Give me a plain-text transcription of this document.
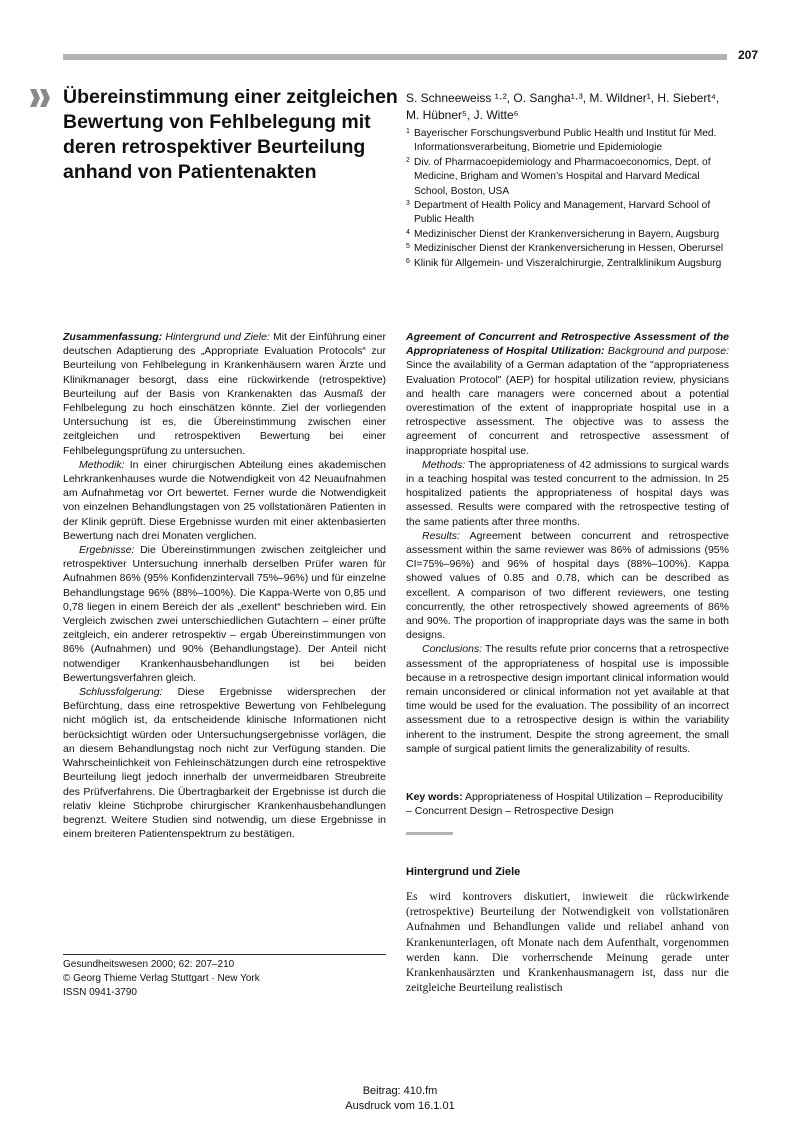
207
Übereinstimmung einer zeitgleichen Bewertung von Fehlbelegung mit deren retrospektiver Beurteilung anhand von Patientenakten
S. Schneeweiss ¹·², O. Sangha¹·³, M. Wildner¹, H. Siebert⁴,
M. Hübner⁵, J. Witte⁶
1 Bayerischer Forschungsverbund Public Health und Institut für Med. Informationsverarbeitung, Biometrie und Epidemiologie
2 Div. of Pharmacoepidemiology and Pharmacoeconomics, Dept. of Medicine, Brigham and Women’s Hospital and Harvard Medical School, Boston, USA
3 Department of Health Policy and Management, Harvard School of Public Health
4 Medizinischer Dienst der Krankenversicherung in Bayern, Augsburg
5 Medizinischer Dienst der Krankenversicherung in Hessen, Oberursel
6 Klinik für Allgemein- und Viszeralchirurgie, Zentralklinikum Augsburg

Zusammenfassung: Hintergrund und Ziele: Mit der Einführung einer deutschen Adaptierung des „Appropriate Evaluation Protocols“ zur Beurteilung von Fehlbelegung in Krankenhäusern waren Ärzte und Klinikmanager besorgt, dass eine rückwirkende (retrospektive) Beurteilung auf der Basis von Krankenakten das Ausmaß der Fehlbelegung zu hoch einschätzen könnte. Ziel der vorliegenden Untersuchung ist es, die Übereinstimmung zwischen einer zeitgleichen und retrospektiven Bewertung bei einer Fehlbelegungsprüfung zu untersuchen.

Methodik: In einer chirurgischen Abteilung eines akademischen Lehrkrankenhauses wurde die Notwendigkeit von 42 Neuaufnahmen am Aufnahmetag vor Ort bewertet. Ferner wurde die Notwendigkeit von einzelnen Behandlungstagen von 25 vollstationären Patienten in der Klinik geprüft. Diese Ergebnisse wurden mit einer aktenbasierten Bewertung nach drei Monaten verglichen.

Ergebnisse: Die Übereinstimmungen zwischen zeitgleicher und retrospektiver Untersuchung innerhalb derselben Prüfer waren für Aufnahmen 86% (95% Konfidenzintervall 75%–96%) und für einzelne Behandlungstage 96% (88%–100%). Die Kappa-Werte von 0,85 und 0,78 liegen in einem Bereich der als „exellent“ beschrieben wird. Ein Vergleich zwischen zwei unterschiedlichen Gutachtern – einer prüfte zeitgleich, ein anderer retrospektiv – ergab Übereinstimmungen von 86% (Aufnahmen) und 90% (Behandlungstage). Der Anteil nicht notwendiger Krankenhausbehandlungen ist bei beiden Bewertungsverfahren gleich.

Schlussfolgerung: Diese Ergebnisse widersprechen der Befürchtung, dass eine retrospektive Bewertung von Fehlbelegung nicht möglich ist, da entscheidende klinische Informationen nicht berücksichtigt würden oder Untersuchungsergebnisse vorlägen, die an diesem Behandlungstag noch nicht zur Verfügung standen. Die Wahrscheinlichkeit von Fehleinschätzungen durch eine retrospektive Beurteilung liegt jedoch innerhalb der unvermeidbaren Streubreite des Prüfverfahrens. Die Übertragbarkeit der Ergebnisse ist durch die relativ kleine Stichprobe chirurgischer Krankenhausbehandlungen begrenzt. Weitere Studien sind notwendig, um diese Ergebnisse in einem breiteren Patientenspektrum zu bestätigen.

Agreement of Concurrent and Retrospective Assessment of the Appropriateness of Hospital Utilization: Background and purpose: Since the availability of a German adaptation of the "appropriateness Evaluation Protocol" (AEP) for hospital utilization review, physicians and health care managers were concerned about a potential overestimation of the extent of inappropriate hospital use in a retrospective assessment. The objective was to assess the agreement of concurrent and retrospective assessment of inappropriate hospital use.

Methods: The appropriateness of 42 admissions to surgical wards in a teaching hospital was tested concurrent to the admission. In 25 hospitalized patients the appropriateness of hospital days was assessed. Results were compared with the retrospective testing of the same patients after three months.

Results: Agreement between concurrent and retrospective assessment within the same reviewer was 86% of admissions (95% CI=75%–96%) and 96% of hospital days (88%–100%). Kappa showed values of 0.85 and 0.78, which can be described as excellent. A comparison of two different reviewers, one testing concurrently, the other retrospectively showed agreements of 86% and 90%. The proportion of inappropriate days was the same in both designs.

Conclusions: The results refute prior concerns that a retrospective assessment of the appropriateness of hospital use is impossible because in a retrospective design important clinical information would remain unconsidered or clinical information not yet available at that time would be used for the evaluation. The possibility of an incorrect assessment due to a retrospective design is within the variability inherent to the instrument. Despite the strong agreement, the small sample of surgical patient limits the generalizability of results.

Key words: Appropriateness of Hospital Utilization – Reproducibility – Concurrent Design – Retrospective Design
Hintergrund und Ziele
Es wird kontrovers diskutiert, inwieweit die rückwirkende (retrospektive) Beurteilung der Notwendigkeit von vollstationären Aufnahmen und Behandlungen valide und reliabel anhand von Krankenunterlagen, oft Monate nach dem Aufenthalt, vorgenommen werden kann. Die vorherrschende Meinung gerade unter Krankenhausärzten und Krankenhausmanagern ist, dass nur die zeitgleiche Beurteilung realistisch
Gesundheitswesen 2000; 62: 207–210
© Georg Thieme Verlag Stuttgart · New York
ISSN 0941-3790
Beitrag: 410.fm
Ausdruck vom 16.1.01
